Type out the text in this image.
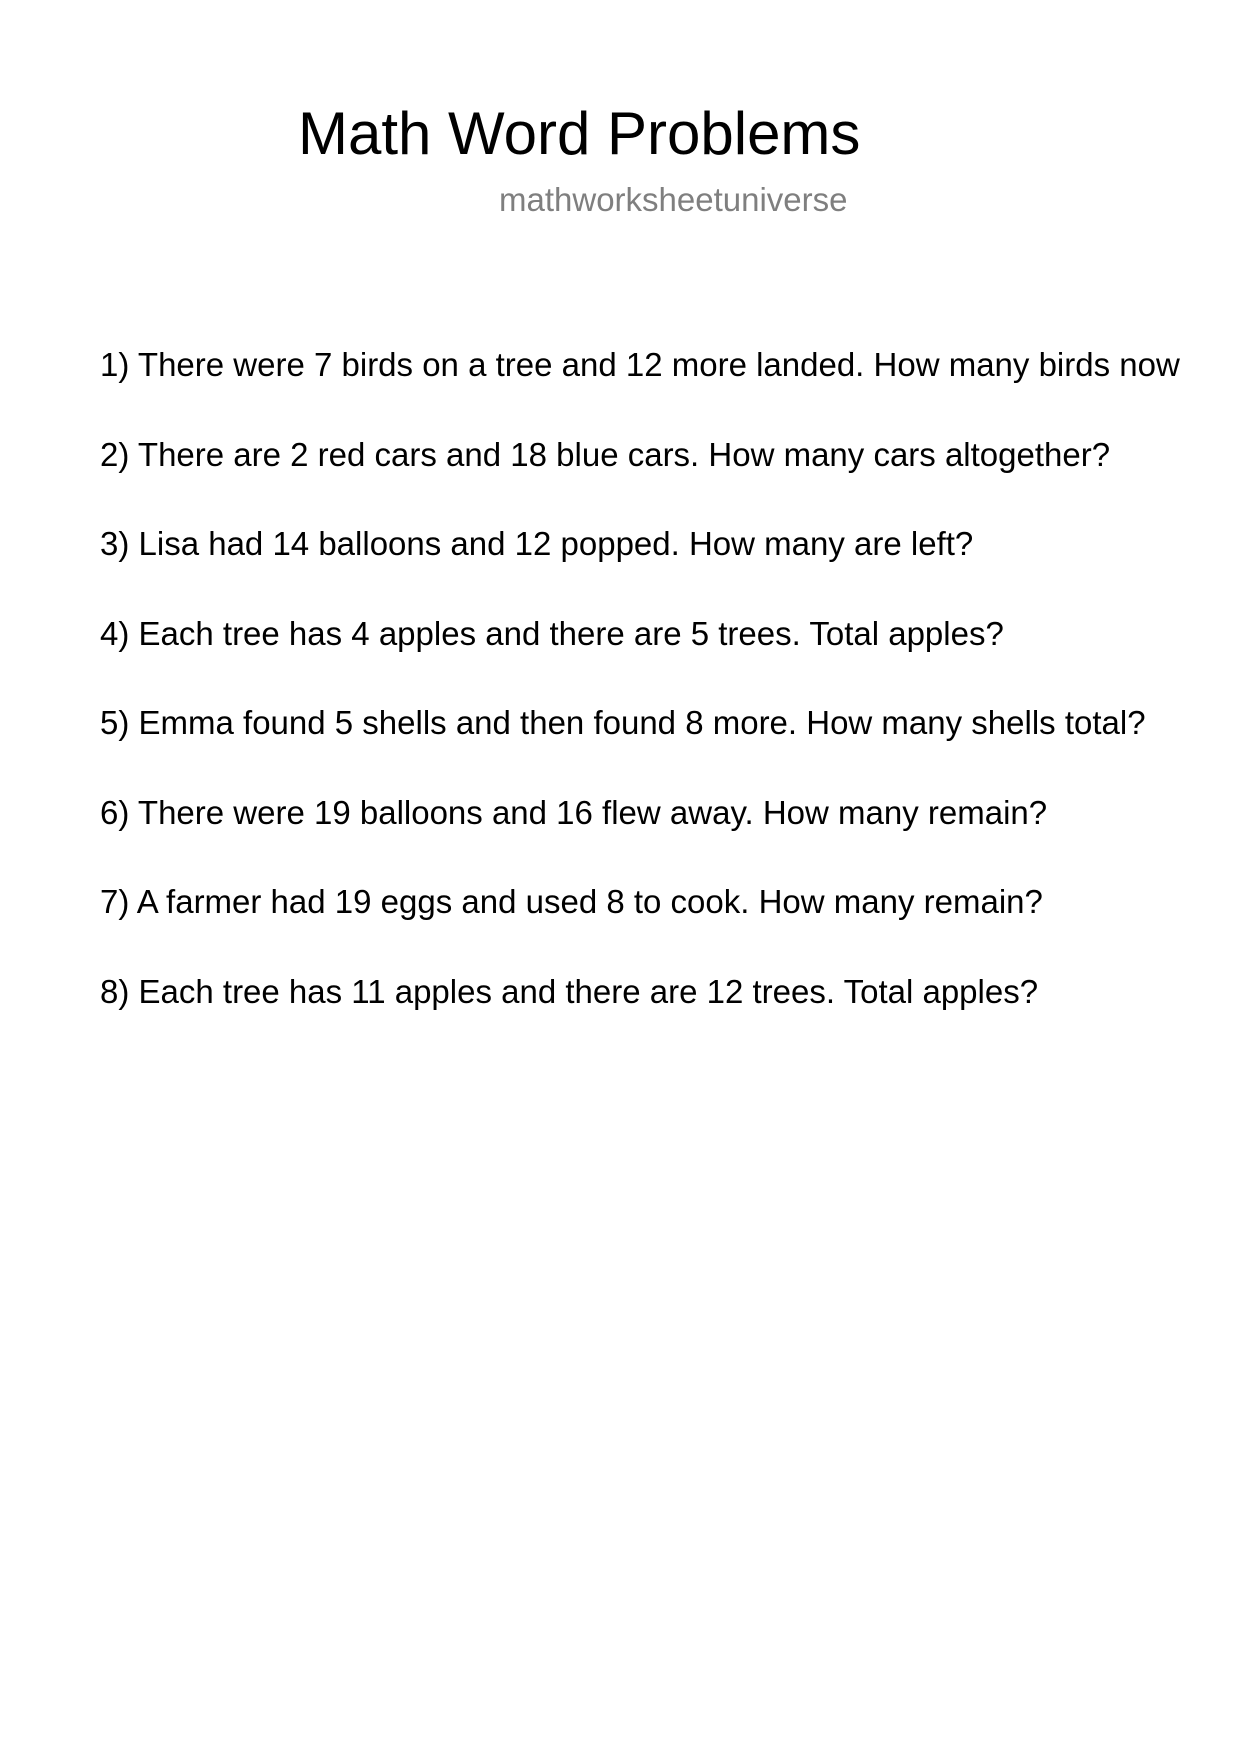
Math Word Problems
mathworksheetuniverse
1) There were 7 birds on a tree and 12 more landed. How many birds now
2) There are 2 red cars and 18 blue cars. How many cars altogether?
3) Lisa had 14 balloons and 12 popped. How many are left?
4) Each tree has 4 apples and there are 5 trees. Total apples?
5) Emma found 5 shells and then found 8 more. How many shells total?
6) There were 19 balloons and 16 flew away. How many remain?
7) A farmer had 19 eggs and used 8 to cook. How many remain?
8) Each tree has 11 apples and there are 12 trees. Total apples?
